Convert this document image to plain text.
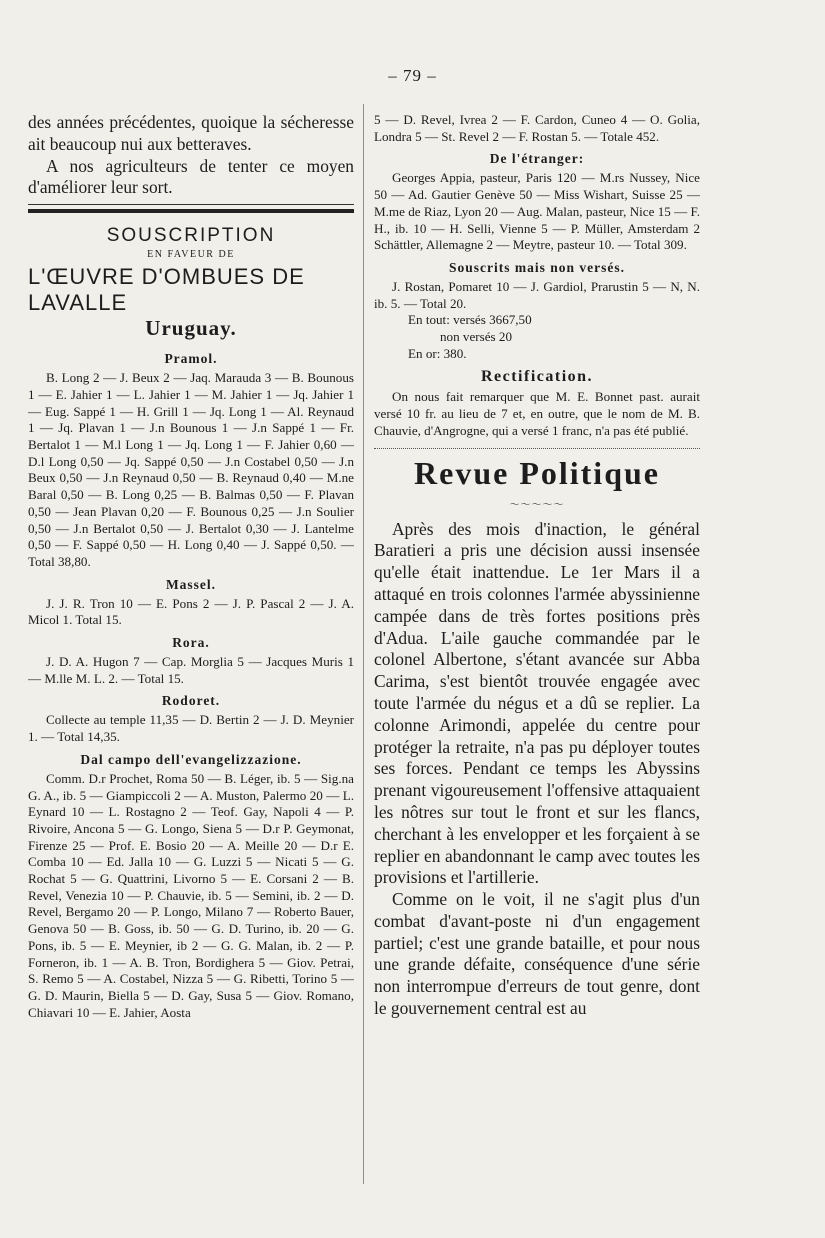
– 79 –

des années précédentes, quoique la sécheresse ait beaucoup nui aux betteraves.

A nos agriculteurs de tenter ce moyen d'améliorer leur sort.

SOUSCRIPTION
EN FAVEUR DE
L'ŒUVRE D'OMBUES DE LAVALLE
Uruguay.
Pramol.

B. Long 2 — J. Beux 2 — Jaq. Marauda 3 — B. Bounous 1 — E. Jahier 1 — L. Jahier 1 — M. Jahier 1 — Jq. Jahier 1 — Eug. Sappé 1 — H. Grill 1 — Jq. Long 1 — Al. Reynaud 1 — Jq. Plavan 1 — J.n Bounous 1 — J.n Sappé 1 — Fr. Bertalot 1 — M.l Long 1 — Jq. Long 1 — F. Jahier 0,60 — D.l Long 0,50 — Jq. Sappé 0,50 — J.n Costabel 0,50 — J.n Beux 0,50 — J.n Reynaud 0,50 — B. Reynaud 0,40 — M.ne Baral 0,50 — B. Long 0,25 — B. Balmas 0,50 — F. Plavan 0,50 — Jean Plavan 0,20 — F. Bounous 0,25 — J.n Soulier 0,50 — J.n Bertalot 0,50 — J. Bertalot 0,30 — J. Lantelme 0,50 — F. Sappé 0,50 — H. Long 0,40 — J. Sappé 0,50. — Total 38,80.

Massel.

J. J. R. Tron 10 — E. Pons 2 — J. P. Pascal 2 — J. A. Micol 1. Total 15.

Rora.

J. D. A. Hugon 7 — Cap. Morglia 5 — Jacques Muris 1 — M.lle M. L. 2. — Total 15.

Rodoret.

Collecte au temple 11,35 — D. Bertin 2 — J. D. Meynier 1. — Total 14,35.

Dal campo dell'evangelizzazione.

Comm. D.r Prochet, Roma 50 — B. Léger, ib. 5 — Sig.na G. A., ib. 5 — Giampiccoli 2 — A. Muston, Palermo 20 — L. Eynard 10 — L. Rostagno 2 — Teof. Gay, Napoli 4 — P. Rivoire, Ancona 5 — G. Longo, Siena 5 — D.r P. Geymonat, Firenze 25 — Prof. E. Bosio 20 — A. Meille 20 — D.r E. Comba 10 — Ed. Jalla 10 — G. Luzzi 5 — Nicati 5 — G. Rochat 5 — G. Quattrini, Livorno 5 — E. Corsani 2 — B. Revel, Venezia 10 — P. Chauvie, ib. 5 — Semini, ib. 2 — D. Revel, Bergamo 20 — P. Longo, Milano 7 — Roberto Bauer, Genova 50 — B. Goss, ib. 50 — G. D. Turino, ib. 20 — G. Pons, ib. 5 — E. Meynier, ib 2 — G. G. Malan, ib. 2 — P. Forneron, ib. 1 — A. B. Tron, Bordighera 5 — Giov. Petrai, S. Remo 5 — A. Costabel, Nizza 5 — G. Ribetti, Torino 5 — G. D. Maurin, Biella 5 — D. Gay, Susa 5 — Giov. Romano, Chiavari 10 — E. Jahier, Aosta

5 — D. Revel, Ivrea 2 — F. Cardon, Cuneo 4 — O. Golia, Londra 5 — St. Revel 2 — F. Rostan 5. — Totale 452.

De l'étranger:

Georges Appia, pasteur, Paris 120 — M.rs Nussey, Nice 50 — Ad. Gautier Genève 50 — Miss Wishart, Suisse 25 — M.me de Riaz, Lyon 20 — Aug. Malan, pasteur, Nice 15 — F. H., ib. 10 — H. Selli, Vienne 5 — P. Müller, Amsterdam 2 Schättler, Allemagne 2 — Meytre, pasteur 10. — Total 309.

Souscrits mais non versés.

J. Rostan, Pomaret 10 — J. Gardiol, Prarustin 5 — N, N. ib. 5. — Total 20.

En tout: versés 3667,50

non versés 20

En or: 380.

Rectification.

On nous fait remarquer que M. E. Bonnet past. aurait versé 10 fr. au lieu de 7 et, en outre, que le nom de M. B. Chauvie, d'Angrogne, qui a versé 1 franc, n'a pas été publié.

Revue Politique
～～～～～

Après des mois d'inaction, le général Baratieri a pris une décision aussi insensée qu'elle était inattendue. Le 1er Mars il a attaqué en trois colonnes l'armée abyssinienne campée dans de très fortes positions près d'Adua. L'aile gauche commandée par le colonel Albertone, s'étant avancée sur Abba Carima, s'est bientôt trouvée engagée avec toute l'armée du négus et a dû se replier. La colonne Arimondi, appelée du centre pour protéger la retraite, n'a pas pu déployer toutes ses forces. Pendant ce temps les Abyssins prenant vigoureusement l'offensive attaquaient les nôtres sur tout le front et sur les flancs, cherchant à les envelopper et les forçaient à se replier en abandonnant le camp avec toutes les provisions et l'artillerie.

Comme on le voit, il ne s'agit plus d'un combat d'avant-poste ni d'un engagement partiel; c'est une grande bataille, et pour nous une grande défaite, conséquence d'une série non interrompue d'erreurs de tout genre, dont le gouvernement central est au
